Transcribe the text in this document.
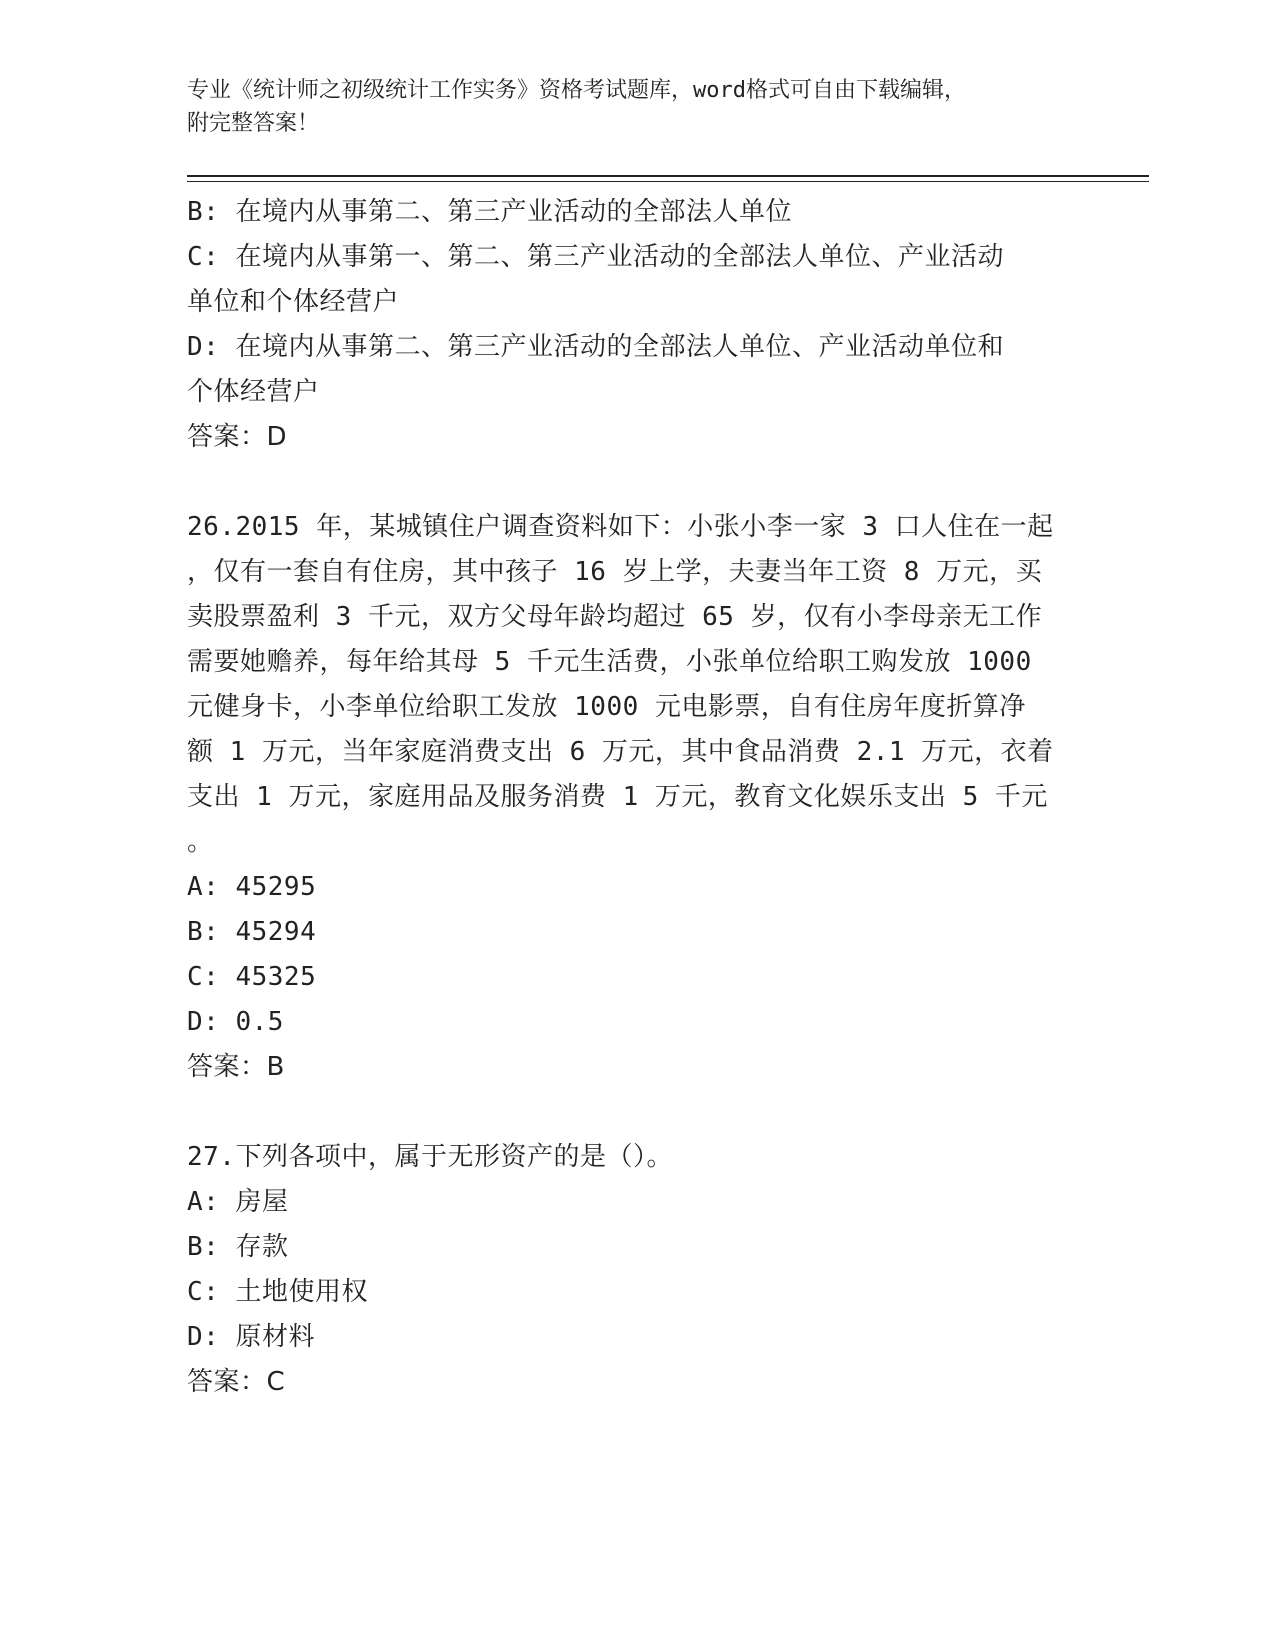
专业《统计师之初级统计工作实务》资格考试题库，word格式可自由下载编辑，
附完整答案！
B: 在境内从事第二、第三产业活动的全部法人单位
C: 在境内从事第一、第二、第三产业活动的全部法人单位、产业活动
单位和个体经营户
D: 在境内从事第二、第三产业活动的全部法人单位、产业活动单位和
个体经营户
答案：D
26.2015 年，某城镇住户调查资料如下：小张小李一家 3 口人住在一起
，仅有一套自有住房，其中孩子 16 岁上学，夫妻当年工资 8 万元，买
卖股票盈利 3 千元，双方父母年龄均超过 65 岁，仅有小李母亲无工作
需要她赡养，每年给其母 5 千元生活费，小张单位给职工购发放 1000
元健身卡，小李单位给职工发放 1000 元电影票，自有住房年度折算净
额 1 万元，当年家庭消费支出 6 万元，其中食品消费 2.1 万元，衣着
支出 1 万元，家庭用品及服务消费 1 万元，教育文化娱乐支出 5 千元
。
A: 45295
B: 45294
C: 45325
D: 0.5
答案：B
27.下列各项中，属于无形资产的是（）。
A: 房屋
B: 存款
C: 土地使用权
D: 原材料
答案：C
